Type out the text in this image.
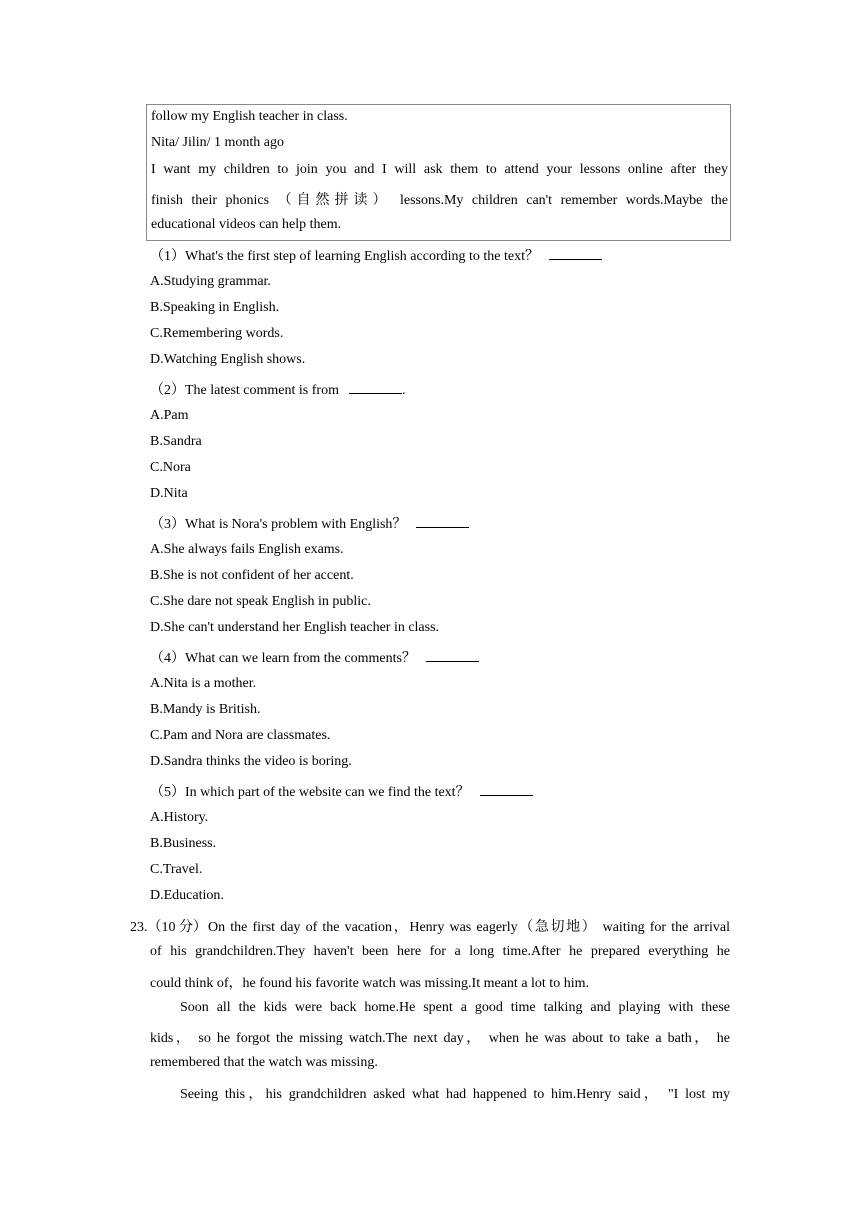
follow my English teacher in class.
Nita/ Jilin/ 1 month ago
I want my children to join you and I will ask them to attend your lessons online after they
finish their phonics （自然拼读） lessons.My children can't remember words.Maybe the
educational videos can help them.
（1）What's the first step of learning English according to the text？
A.Studying grammar.
B.Speaking in English.
C.Remembering words.
D.Watching English shows.
（2）The latest comment is from	.
A.Pam
B.Sandra
C.Nora
D.Nita
（3）What is Nora's problem with English？
A.She always fails English exams.
B.She is not confident of her accent.
C.She dare not speak English in public.
D.She can't understand her English teacher in class.
（4）What can we learn from the comments？
A.Nita is a mother.
B.Mandy is British.
C.Pam and Nora are classmates.
D.Sandra thinks the video is boring.
（5）In which part of the website can we find the text？
A.History.
B.Business.
C.Travel.
D.Education.
23.（10 分） On the first day of the vacation，Henry was eagerly（急切地） waiting for the arrival
of his grandchildren.They haven't been here for a long time.After he prepared everything he
could think of，he found his favorite watch was missing.It meant a lot to him.
Soon all the kids were back home.He spent a good time talking and playing with these
kids， so he forgot the missing watch.The next day， when he was about to take a bath， he
remembered that the watch was missing.
Seeing this，his grandchildren asked what had happened to him.Henry said， "I lost my
